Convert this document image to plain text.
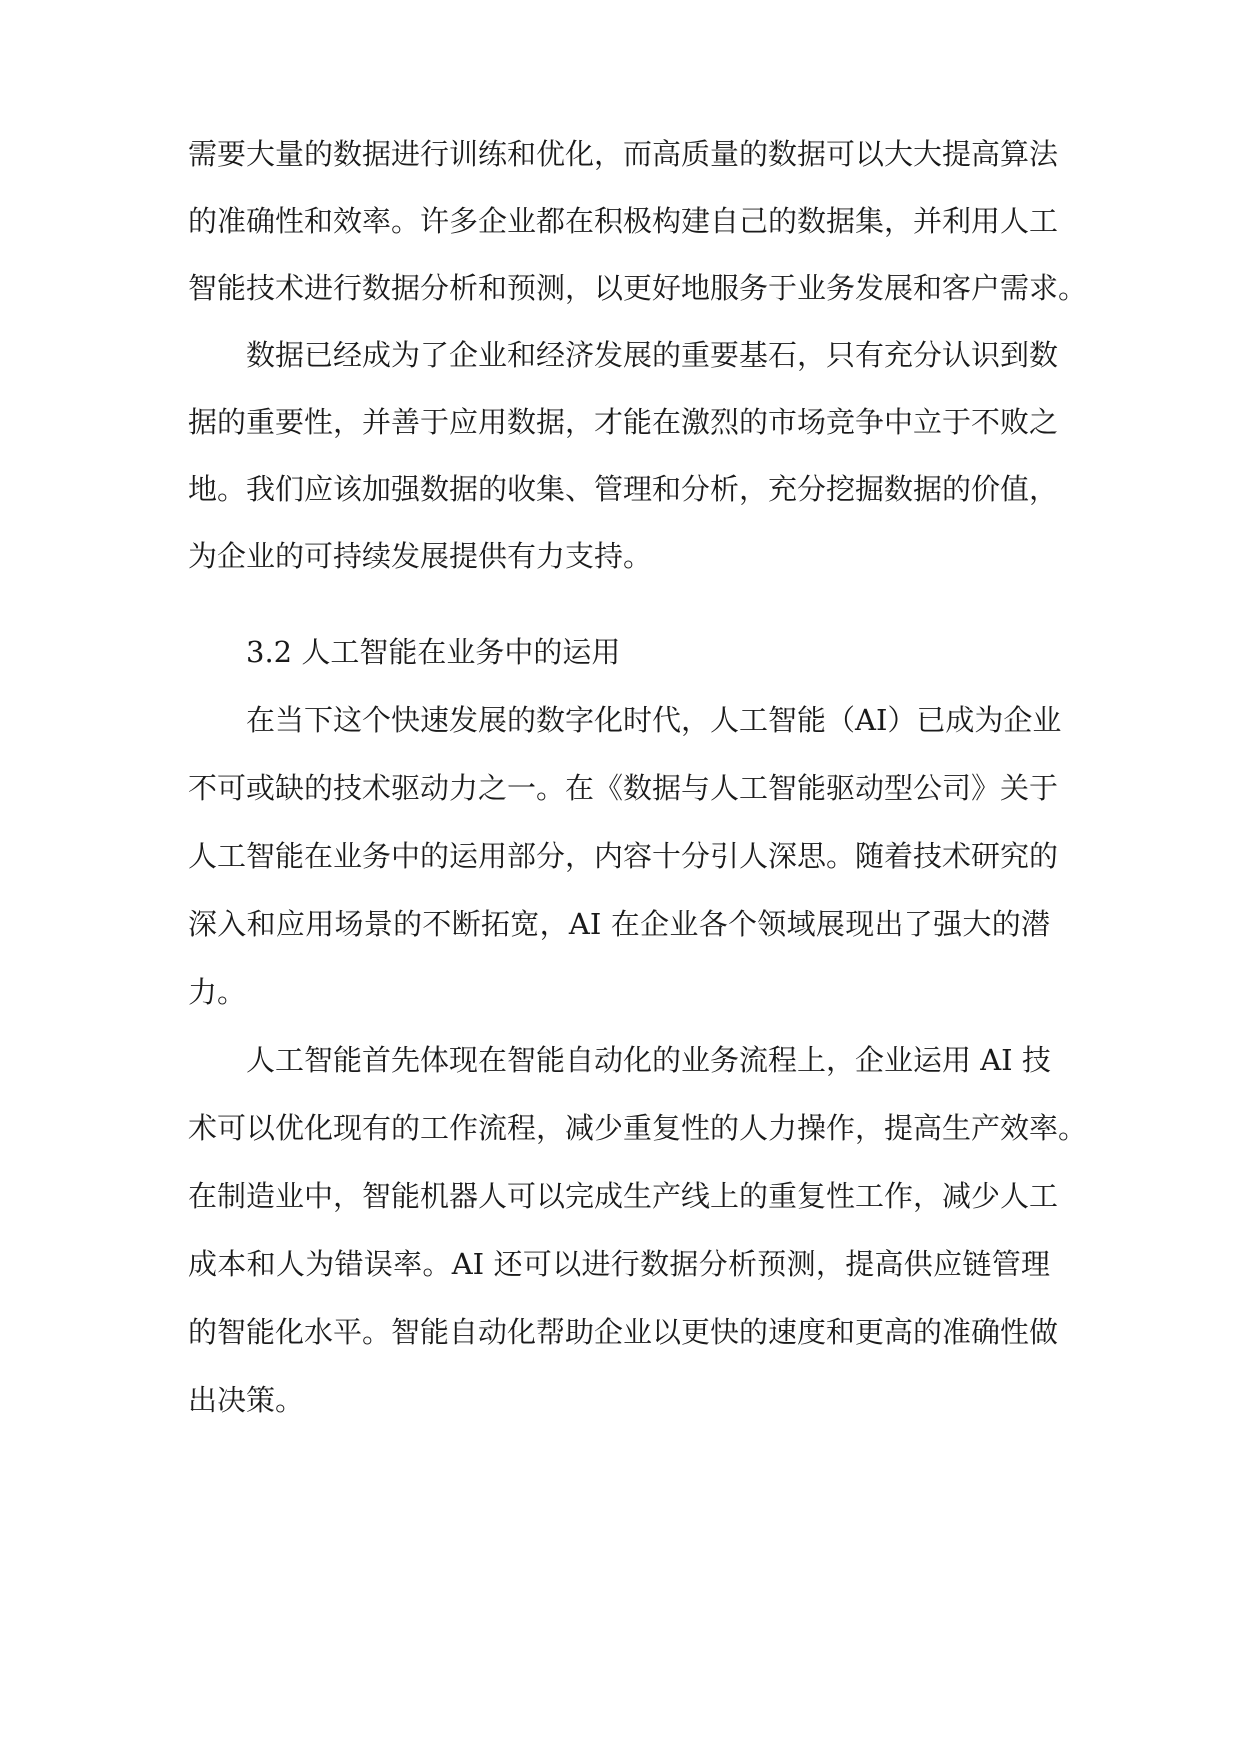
需要大量的数据进行训练和优化，而高质量的数据可以大大提高算法
的准确性和效率。许多企业都在积极构建自己的数据集，并利用人工
智能技术进行数据分析和预测，以更好地服务于业务发展和客户需求。
数据已经成为了企业和经济发展的重要基石，只有充分认识到数
据的重要性，并善于应用数据，才能在激烈的市场竞争中立于不败之
地。我们应该加强数据的收集、管理和分析，充分挖掘数据的价值，
为企业的可持续发展提供有力支持。
3.2 人工智能在业务中的运用
在当下这个快速发展的数字化时代，人工智能（AI）已成为企业
不可或缺的技术驱动力之一。在《数据与人工智能驱动型公司》关于
人工智能在业务中的运用部分，内容十分引人深思。随着技术研究的
深入和应用场景的不断拓宽，AI 在企业各个领域展现出了强大的潜
力。
人工智能首先体现在智能自动化的业务流程上，企业运用 AI 技
术可以优化现有的工作流程，减少重复性的人力操作，提高生产效率。
在制造业中，智能机器人可以完成生产线上的重复性工作，减少人工
成本和人为错误率。AI 还可以进行数据分析预测，提高供应链管理
的智能化水平。智能自动化帮助企业以更快的速度和更高的准确性做
出决策。
